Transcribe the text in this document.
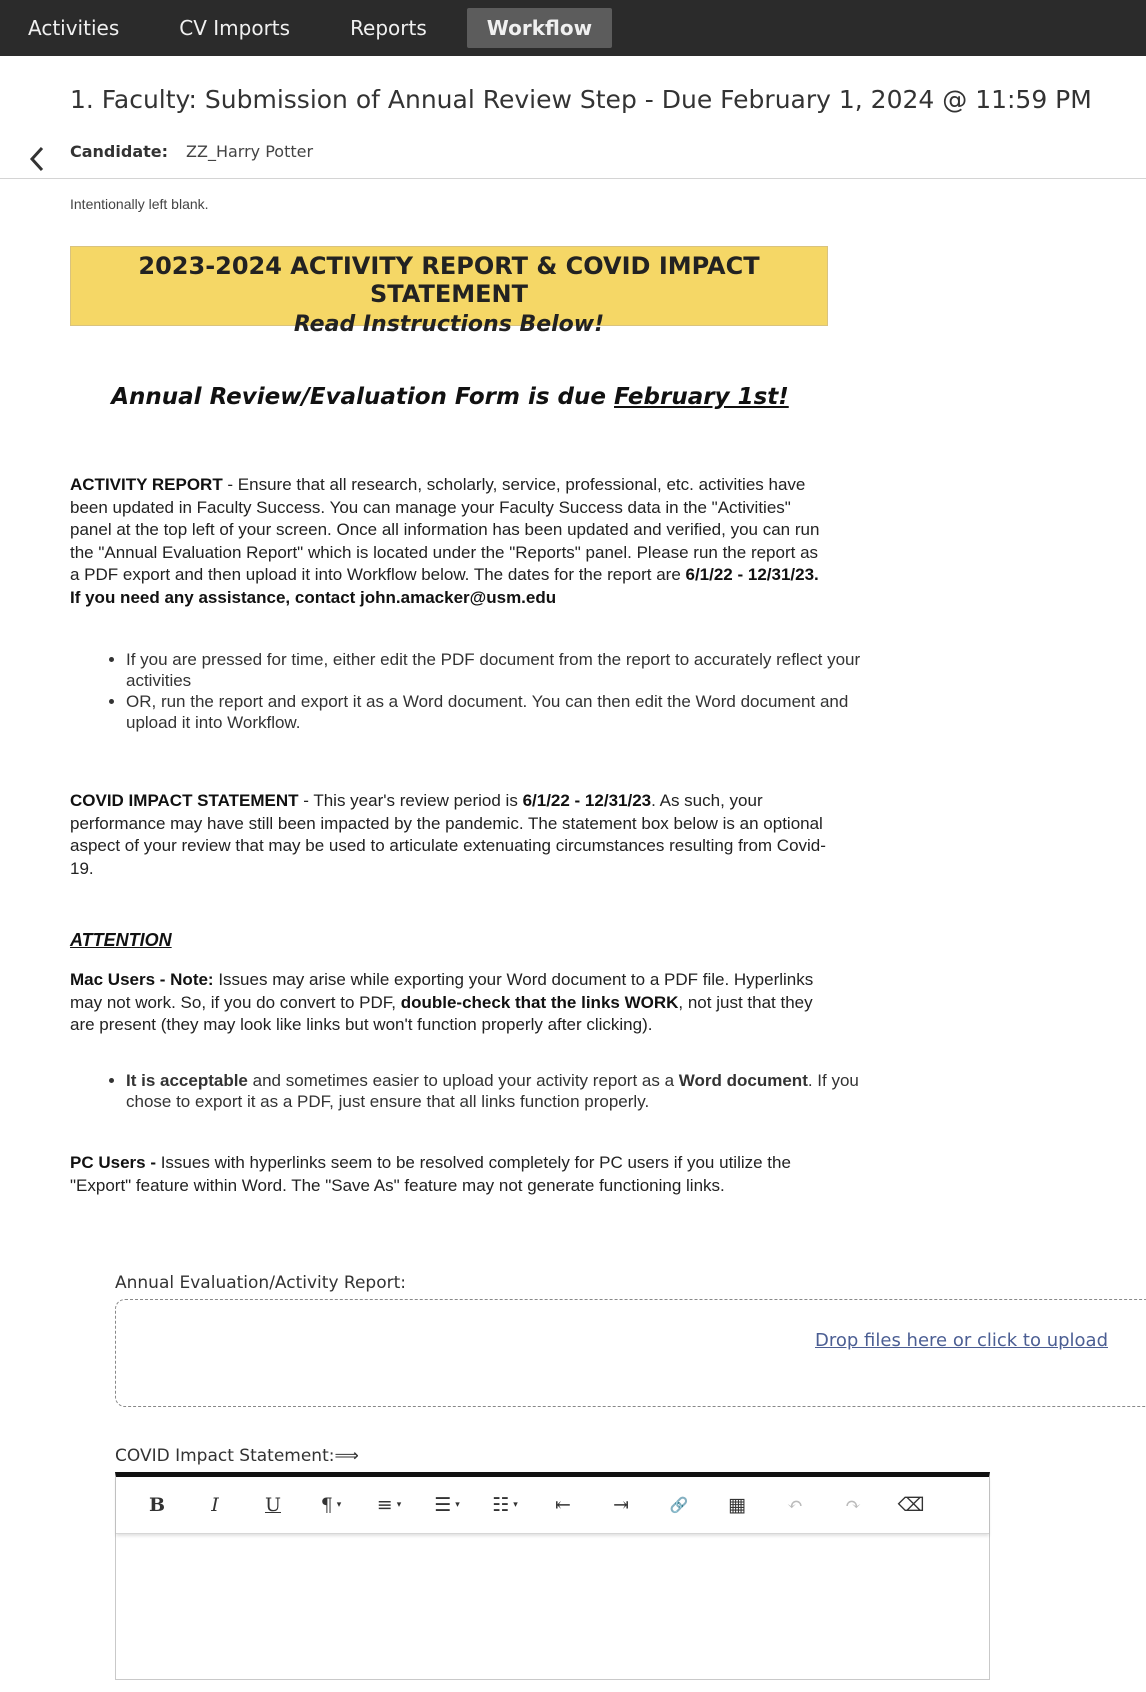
Activities	CV Imports	Reports	Workflow
1. Faculty: Submission of Annual Review Step - Due February 1, 2024 @ 11:59 PM
Candidate: ZZ_Harry Potter
Intentionally left blank.
2023-2024 ACTIVITY REPORT & COVID IMPACT STATEMENT
Read Instructions Below!
Annual Review/Evaluation Form is due February 1st!
ACTIVITY REPORT - Ensure that all research, scholarly, service, professional, etc. activities have been updated in Faculty Success. You can manage your Faculty Success data in the "Activities" panel at the top left of your screen. Once all information has been updated and verified, you can run the "Annual Evaluation Report" which is located under the "Reports" panel. Please run the report as a PDF export and then upload it into Workflow below. The dates for the report are 6/1/22 - 12/31/23. If you need any assistance, contact john.amacker@usm.edu
• If you are pressed for time, either edit the PDF document from the report to accurately reflect your activities
• OR, run the report and export it as a Word document. You can then edit the Word document and upload it into Workflow.
COVID IMPACT STATEMENT - This year's review period is 6/1/22 - 12/31/23. As such, your performance may have still been impacted by the pandemic. The statement box below is an optional aspect of your review that may be used to articulate extenuating circumstances resulting from Covid-19.
ATTENTION
Mac Users - Note: Issues may arise while exporting your Word document to a PDF file. Hyperlinks may not work. So, if you do convert to PDF, double-check that the links WORK, not just that they are present (they may look like links but won't function properly after clicking).
• It is acceptable and sometimes easier to upload your activity report as a Word document. If you chose to export it as a PDF, just ensure that all links function properly.
PC Users - Issues with hyperlinks seem to be resolved completely for PC users if you utilize the "Export" feature within Word. The "Save As" feature may not generate functioning links.
Annual Evaluation/Activity Report:
Drop files here or click to upload
COVID Impact Statement:⟹
B I U ¶ ▾ ≡ ▾ ☰ ▾ ☷ ▾ ⇤ ⇥	🔗 ▦ ↶ ↷ ⌫
